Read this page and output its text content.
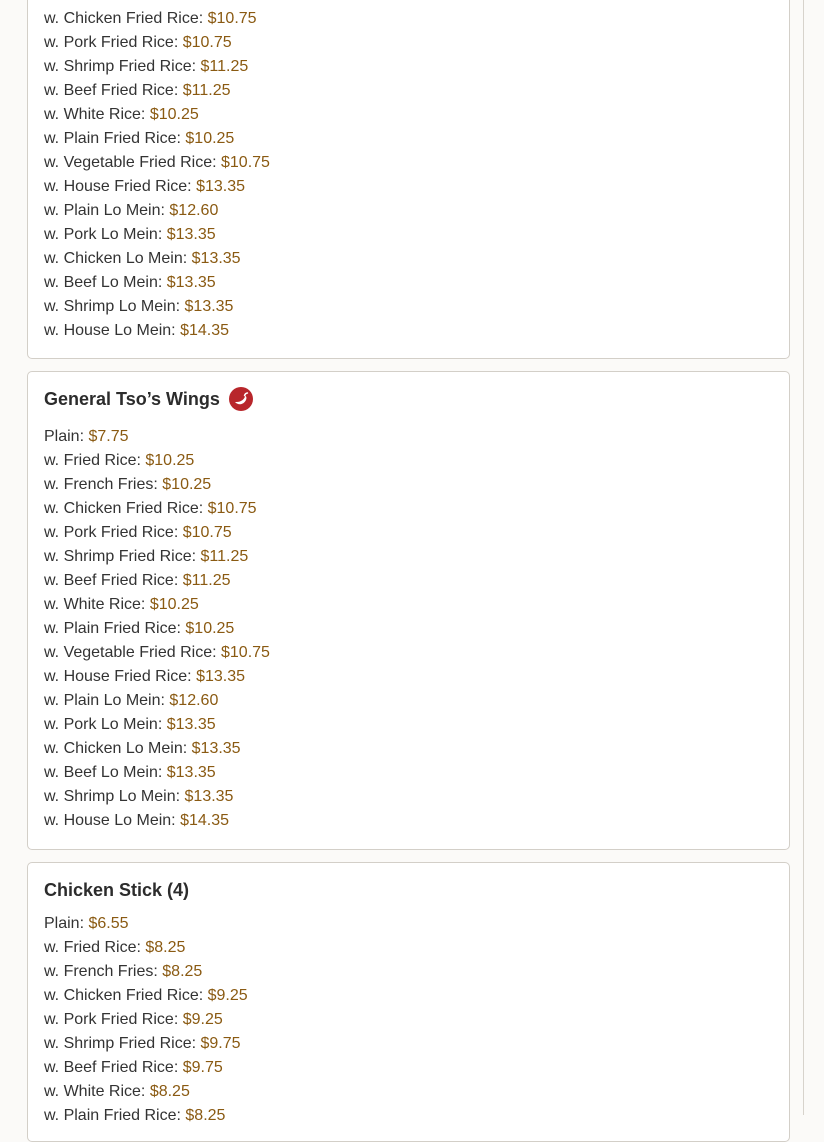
w. Chicken Fried Rice: $10.75
w. Pork Fried Rice: $10.75
w. Shrimp Fried Rice: $11.25
w. Beef Fried Rice: $11.25
w. White Rice: $10.25
w. Plain Fried Rice: $10.25
w. Vegetable Fried Rice: $10.75
w. House Fried Rice: $13.35
w. Plain Lo Mein: $12.60
w. Pork Lo Mein: $13.35
w. Chicken Lo Mein: $13.35
w. Beef Lo Mein: $13.35
w. Shrimp Lo Mein: $13.35
w. House Lo Mein: $14.35
General Tso’s Wings
Plain: $7.75
w. Fried Rice: $10.25
w. French Fries: $10.25
w. Chicken Fried Rice: $10.75
w. Pork Fried Rice: $10.75
w. Shrimp Fried Rice: $11.25
w. Beef Fried Rice: $11.25
w. White Rice: $10.25
w. Plain Fried Rice: $10.25
w. Vegetable Fried Rice: $10.75
w. House Fried Rice: $13.35
w. Plain Lo Mein: $12.60
w. Pork Lo Mein: $13.35
w. Chicken Lo Mein: $13.35
w. Beef Lo Mein: $13.35
w. Shrimp Lo Mein: $13.35
w. House Lo Mein: $14.35
Chicken Stick (4)
Plain: $6.55
w. Fried Rice: $8.25
w. French Fries: $8.25
w. Chicken Fried Rice: $9.25
w. Pork Fried Rice: $9.25
w. Shrimp Fried Rice: $9.75
w. Beef Fried Rice: $9.75
w. White Rice: $8.25
w. Plain Fried Rice: $8.25
